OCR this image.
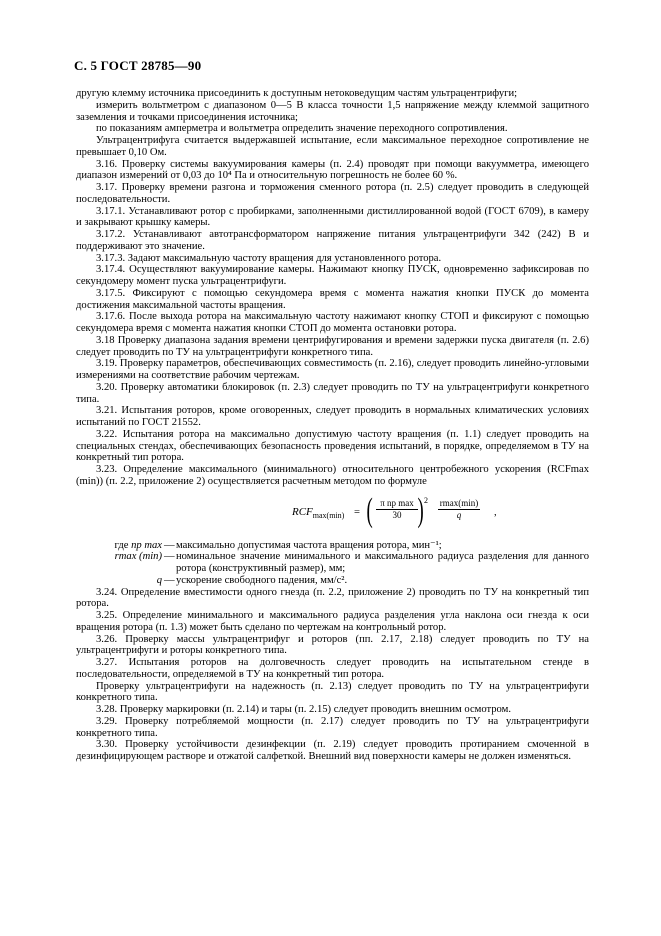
С. 5 ГОСТ 28785—90

другую клемму источника присоединить к доступным нетоковедущим частям ультрацентрифуги;

измерить вольтметром с диапазоном 0—5 В класса точности 1,5 напряжение между клеммой защитного заземления и точками присоединения источника;

по показаниям амперметра и вольтметра определить значение переходного сопротивления.

Ультрацентрифуга считается выдержавшей испытание, если максимальное переходное сопротивление не превышает 0,10 Ом.

3.16. Проверку системы вакуумирования камеры (п. 2.4) проводят при помощи вакуумметра, имеющего диапазон измерений от 0,03 до 10⁴ Па и относительную погрешность не более 60 %.

3.17. Проверку времени разгона и торможения сменного ротора (п. 2.5) следует проводить в следующей последовательности.

3.17.1. Устанавливают ротор с пробирками, заполненными дистиллированной водой (ГОСТ 6709), в камеру и закрывают крышку камеры.

3.17.2. Устанавливают автотрансформатором напряжение питания ультрацентрифуги 342 (242) В и поддерживают это значение.

3.17.3. Задают максимальную частоту вращения для установленного ротора.

3.17.4. Осуществляют вакуумирование камеры. Нажимают кнопку ПУСК, одновременно зафиксировав по секундомеру момент пуска ультрацентрифуги.

3.17.5. Фиксируют с помощью секундомера время с момента нажатия кнопки ПУСК до момента достижения максимальной частоты вращения.

3.17.6. После выхода ротора на максимальную частоту нажимают кнопку СТОП и фиксируют с помощью секундомера время с момента нажатия кнопки СТОП до момента остановки ротора.

3.18 Проверку диапазона задания времени центрифугирования и времени задержки пуска двигателя (п. 2.6) следует проводить по ТУ на ультрацентрифуги конкретного типа.

3.19. Проверку параметров, обеспечивающих совместимость (п. 2.16), следует проводить линейно-угловыми измерениями на соответствие рабочим чертежам.

3.20. Проверку автоматики блокировок (п. 2.3) следует проводить по ТУ на ультрацентрифуги конкретного типа.

3.21. Испытания роторов, кроме оговоренных, следует проводить в нормальных климатических условиях испытаний по ГОСТ 21552.

3.22. Испытания ротора на максимально допустимую частоту вращения (п. 1.1) следует проводить на специальных стендах, обеспечивающих безопасность проведения испытаний, в порядке, определяемом в ТУ на конкретный тип ротора.

3.23. Определение максимального (минимального) относительного центробежного ускорения (RCFmax (min)) (п. 2.2, приложение 2) осуществляется расчетным методом по формуле

$RCF_{max(min)}$ = ( π nр max
30 ) 2 rmax(min)
q	,
где nр max — максимально допустимая частота вращения ротора, мин⁻¹;
rmax (min) — номинальное значение минимального и максимального радиуса разделения для данного ротора (конструктивный размер), мм;
q — ускорение свободного падения, мм/с².

3.24. Определение вместимости одного гнезда (п. 2.2, приложение 2) проводить по ТУ на конкретный тип ротора.

3.25. Определение минимального и максимального радиуса разделения угла наклона оси гнезда к оси вращения ротора (п. 1.3) может быть сделано по чертежам на контрольный ротор.

3.26. Проверку массы ультрацентрифуг и роторов (пп. 2.17, 2.18) следует проводить по ТУ на ультрацентрифуги и роторы конкретного типа.

3.27. Испытания роторов на долговечность следует проводить на испытательном стенде в последовательности, определяемой в ТУ на конкретный тип ротора.

Проверку ультрацентрифуги на надежность (п. 2.13) следует проводить по ТУ на ультрацентрифуги конкретного типа.

3.28. Проверку маркировки (п. 2.14) и тары (п. 2.15) следует проводить внешним осмотром.

3.29. Проверку потребляемой мощности (п. 2.17) следует проводить по ТУ на ультрацентрифуги конкретного типа.

3.30. Проверку устойчивости дезинфекции (п. 2.19) следует проводить протиранием смоченной в дезинфицирующем растворе и отжатой салфеткой. Внешний вид поверхности камеры не должен изменяться.
